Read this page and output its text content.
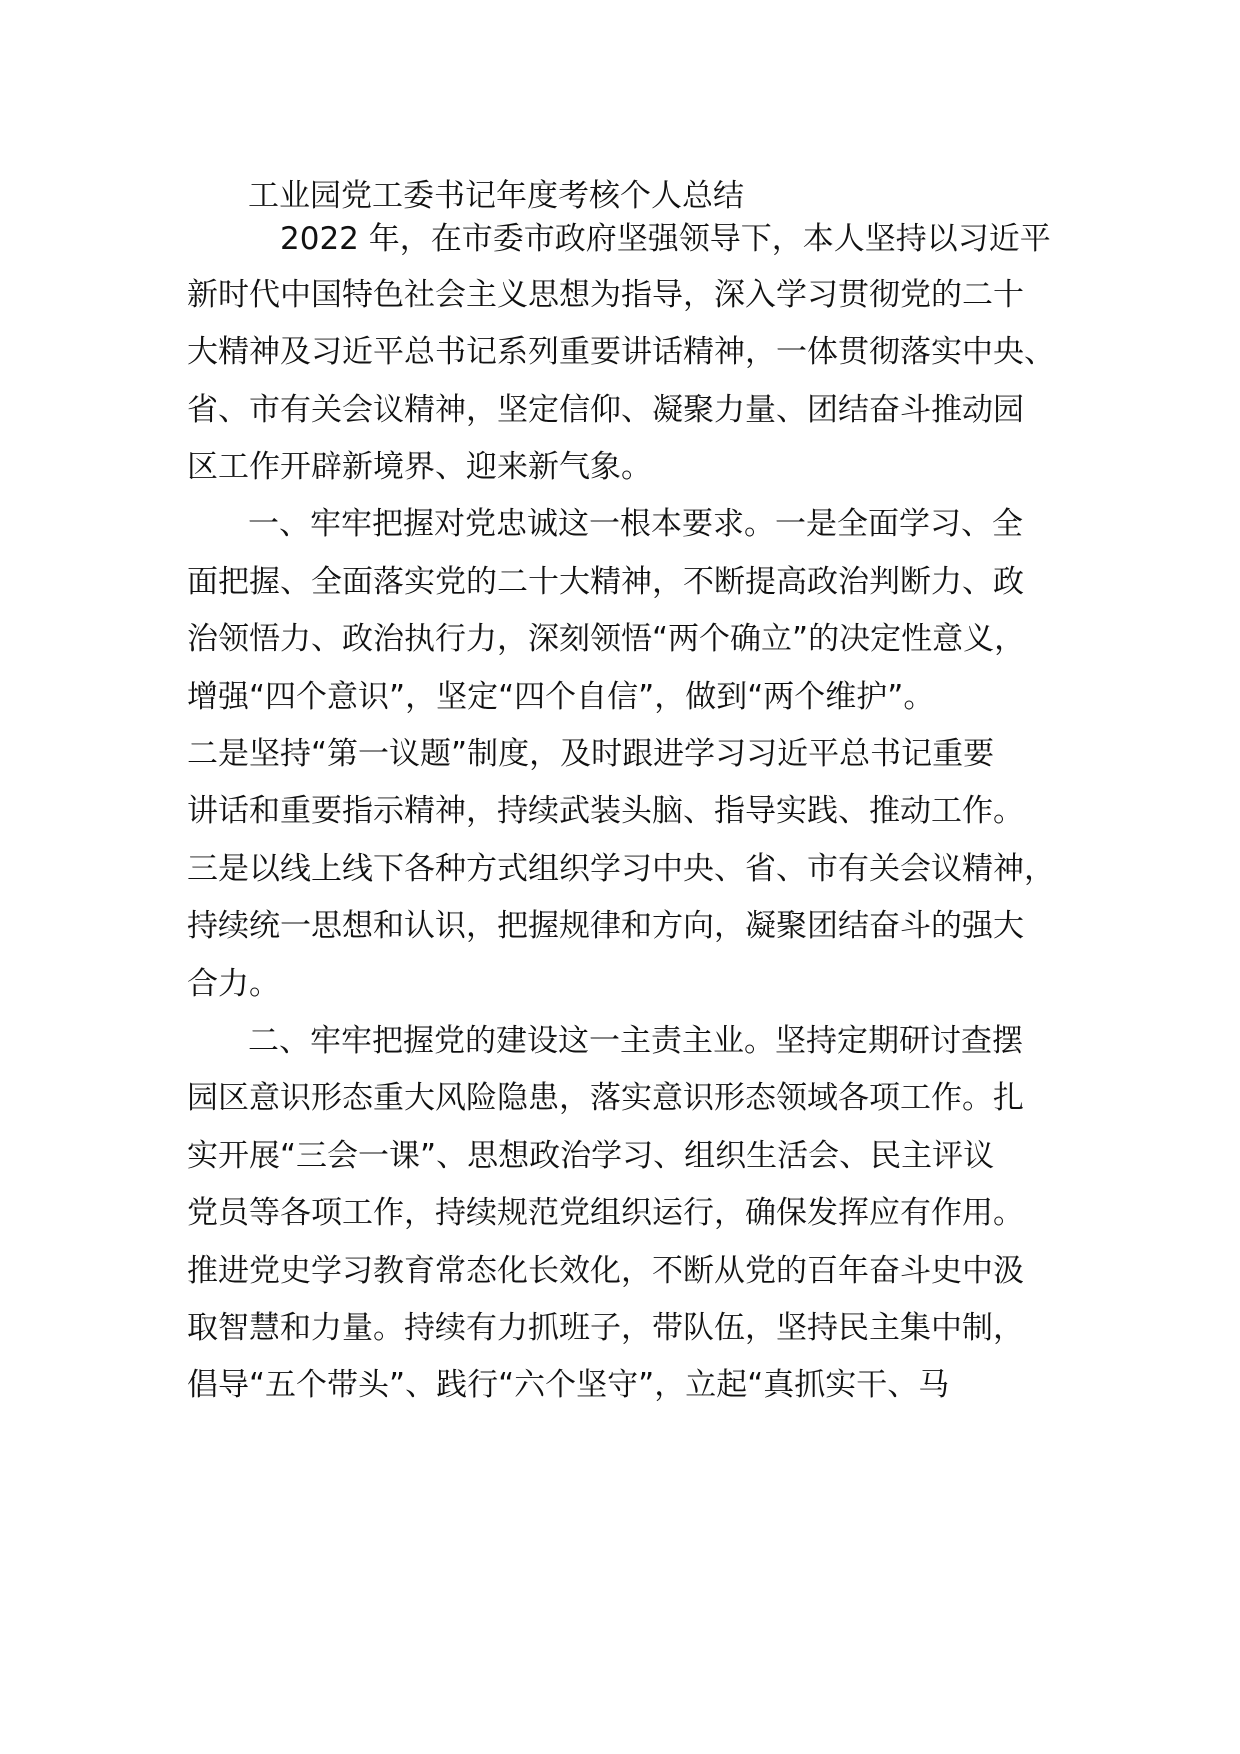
工业园党工委书记年度考核个人总结
2022 年，在市委市政府坚强领导下，本人坚持以习近平
新时代中国特色社会主义思想为指导，深入学习贯彻党的二十
大精神及习近平总书记系列重要讲话精神，一体贯彻落实中央、
省、市有关会议精神，坚定信仰、凝聚力量、团结奋斗推动园
区工作开辟新境界、迎来新气象。
一、牢牢把握对党忠诚这一根本要求。一是全面学习、全
面把握、全面落实党的二十大精神，不断提高政治判断力、政
治领悟力、政治执行力，深刻领悟“两个确立”的决定性意义，
增强“四个意识”，坚定“四个自信”，做到“两个维护”。
二是坚持“第一议题”制度，及时跟进学习习近平总书记重要
讲话和重要指示精神，持续武装头脑、指导实践、推动工作。
三是以线上线下各种方式组织学习中央、省、市有关会议精神，
持续统一思想和认识，把握规律和方向，凝聚团结奋斗的强大
合力。
二、牢牢把握党的建设这一主责主业。坚持定期研讨查摆
园区意识形态重大风险隐患，落实意识形态领域各项工作。扎
实开展“三会一课”、思想政治学习、组织生活会、民主评议
党员等各项工作，持续规范党组织运行，确保发挥应有作用。
推进党史学习教育常态化长效化，不断从党的百年奋斗史中汲
取智慧和力量。持续有力抓班子，带队伍，坚持民主集中制，
倡导“五个带头”、践行“六个坚守”，立起“真抓实干、马
